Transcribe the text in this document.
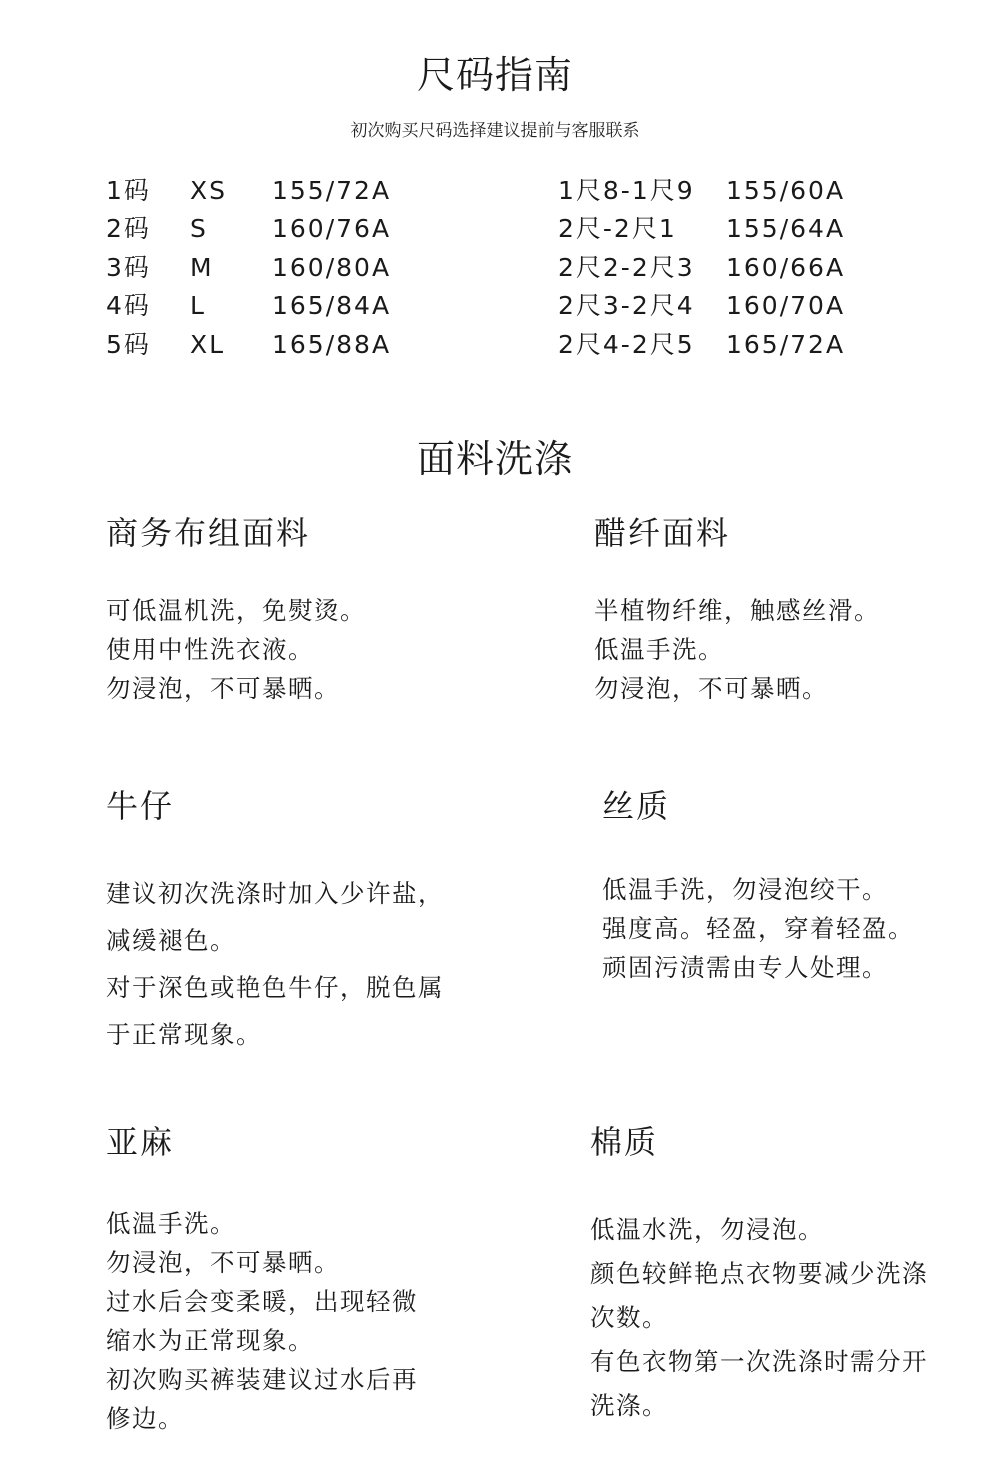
尺码指南

初次购买尺码选择建议提前与客服联系

1码 XS 155/72A
2码 S	160/76A
3码 M 160/80A
4码 L	165/84A
5码 XL 165/88A
1尺8-1尺9 155/60A
2尺-2尺1 155/64A
2尺2-2尺3 160/66A
2尺3-2尺4 160/70A
2尺4-2尺5 165/72A
面料洗涤
商务布组面料
可低温机洗，免熨烫。
使用中性洗衣液。
勿浸泡，不可暴晒。
醋纤面料
半植物纤维，触感丝滑。
低温手洗。
勿浸泡，不可暴晒。
牛仔
建议初次洗涤时加入少许盐，
减缓褪色。
对于深色或艳色牛仔，脱色属
于正常现象。
丝质
低温手洗，勿浸泡绞干。
强度高。轻盈，穿着轻盈。
顽固污渍需由专人处理。
亚麻
低温手洗。
勿浸泡，不可暴晒。
过水后会变柔暖，出现轻微
缩水为正常现象。
初次购买裤装建议过水后再
修边。
棉质
低温水洗，勿浸泡。
颜色较鲜艳点衣物要减少洗涤
次数。
有色衣物第一次洗涤时需分开
洗涤。
